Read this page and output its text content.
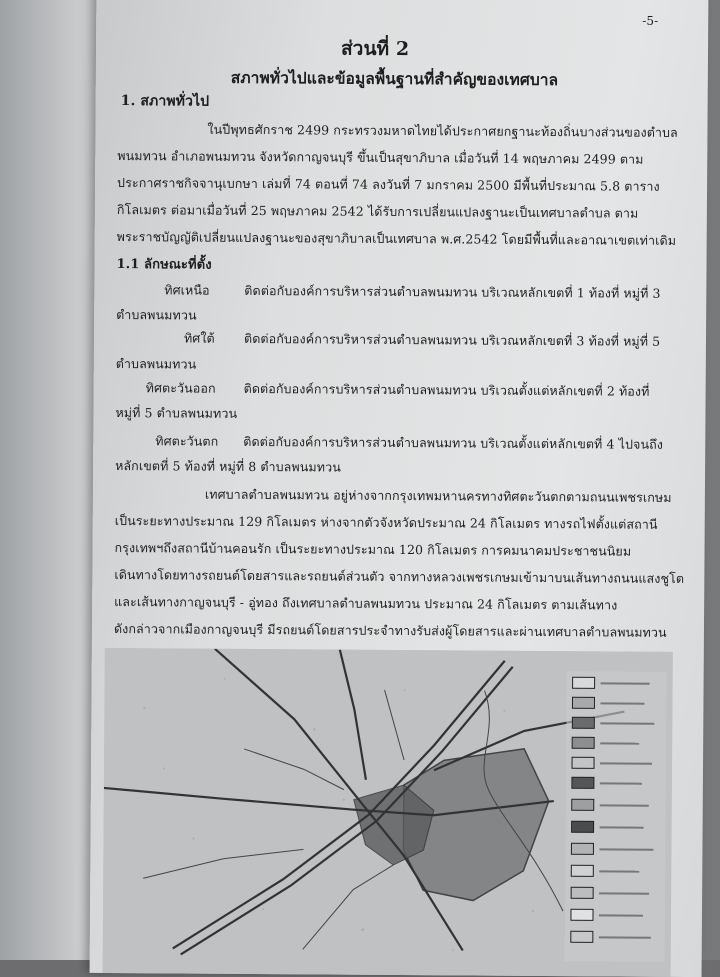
-5-
ส่วนที่ 2
สภาพทั่วไปและข้อมูลพื้นฐานที่สำคัญของเทศบาล
1. สภาพทั่วไป
ในปีพุทธศักราช 2499 กระทรวงมหาดไทยได้ประกาศยกฐานะท้องถิ่นบางส่วนของตำบล
พนมทวน อำเภอพนมทวน จังหวัดกาญจนบุรี ขึ้นเป็นสุขาภิบาล เมื่อวันที่ 14 พฤษภาคม 2499 ตาม
ประกาศราชกิจจานุเบกษา เล่มที่ 74 ตอนที่ 74 ลงวันที่ 7 มกราคม 2500 มีพื้นที่ประมาณ 5.8 ตาราง
กิโลเมตร ต่อมาเมื่อวันที่ 25 พฤษภาคม 2542 ได้รับการเปลี่ยนแปลงฐานะเป็นเทศบาลตำบล ตาม
พระราชบัญญัติเปลี่ยนแปลงฐานะของสุขาภิบาลเป็นเทศบาล พ.ศ.2542 โดยมีพื้นที่และอาณาเขตเท่าเดิม
1.1 ลักษณะที่ตั้ง
ทิศเหนือ	ติดต่อกับองค์การบริหารส่วนตำบลพนมทวน บริเวณหลักเขตที่ 1 ท้องที่ หมู่ที่ 3
ตำบลพนมทวน
ทิศใต้ ติดต่อกับองค์การบริหารส่วนตำบลพนมทวน บริเวณหลักเขตที่ 3 ท้องที่ หมู่ที่ 5
ตำบลพนมทวน
ทิศตะวันออก ติดต่อกับองค์การบริหารส่วนตำบลพนมทวน บริเวณตั้งแต่หลักเขตที่ 2 ท้องที่
หมู่ที่ 5 ตำบลพนมทวน
ทิศตะวันตก ติดต่อกับองค์การบริหารส่วนตำบลพนมทวน บริเวณตั้งแต่หลักเขตที่ 4 ไปจนถึง
หลักเขตที่ 5 ท้องที่ หมู่ที่ 8 ตำบลพนมทวน
เทศบาลตำบลพนมทวน อยู่ห่างจากกรุงเทพมหานครทางทิศตะวันตกตามถนนเพชรเกษม
เป็นระยะทางประมาณ 129 กิโลเมตร ห่างจากตัวจังหวัดประมาณ 24 กิโลเมตร ทางรถไฟตั้งแต่สถานี
กรุงเทพฯถึงสถานีบ้านคอนรัก เป็นระยะทางประมาณ 120 กิโลเมตร การคมนาคมประชาชนนิยม
เดินทางโดยทางรถยนต์โดยสารและรถยนต์ส่วนตัว จากทางหลวงเพชรเกษมเข้ามาบนเส้นทางถนนแสงชูโต
และเส้นทางกาญจนบุรี - อู่ทอง ถึงเทศบาลตำบลพนมทวน ประมาณ 24 กิโลเมตร ตามเส้นทาง
ดังกล่าวจากเมืองกาญจนบุรี มีรถยนต์โดยสารประจำทางรับส่งผู้โดยสารและผ่านเทศบาลตำบลพนมทวน
